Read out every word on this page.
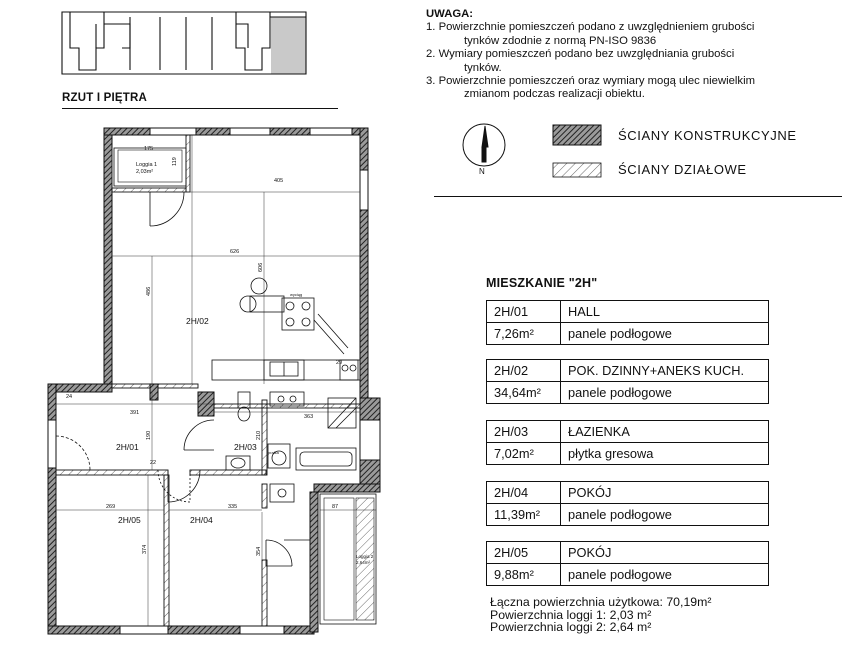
2H/02
2H/01	2H/03
2H/05	2H/04
Loggia 1
2,03m²
Loggia 2
2,64m²
pralka
wyciąg
405
626
175
391
363
269	335	87
24
22
29
486
606
119
190	210
374	354
N
RZUT I PIĘTRA
UWAGA:
1. Powierzchnie pomieszczeń podano z uwzględnieniem grubości
tynków zdodnie z normą PN-ISO 9836
2. Wymiary pomieszczeń podano bez uwzględniania grubości
tynków.
3. Powierzchnie pomieszczeń oraz wymiary mogą ulec niewielkim
zmianom podczas realizacji obiektu.
ŚCIANY KONSTRUKCYJNE
ŚCIANY DZIAŁOWE
MIESZKANIE "2H"
2H/01	HALL
7,26m²	panele podłogowe
2H/02	POK. DZINNY+ANEKS KUCH.
34,64m²	panele podłogowe
2H/03	ŁAZIENKA
7,02m²	płytka gresowa
2H/04	POKÓJ
11,39m²	panele podłogowe
2H/05	POKÓJ
9,88m²	panele podłogowe
Łączna powierzchnia użytkowa: 70,19m²
Powierzchnia loggi 1: 2,03 m²
Powierzchnia loggi 2: 2,64 m²
